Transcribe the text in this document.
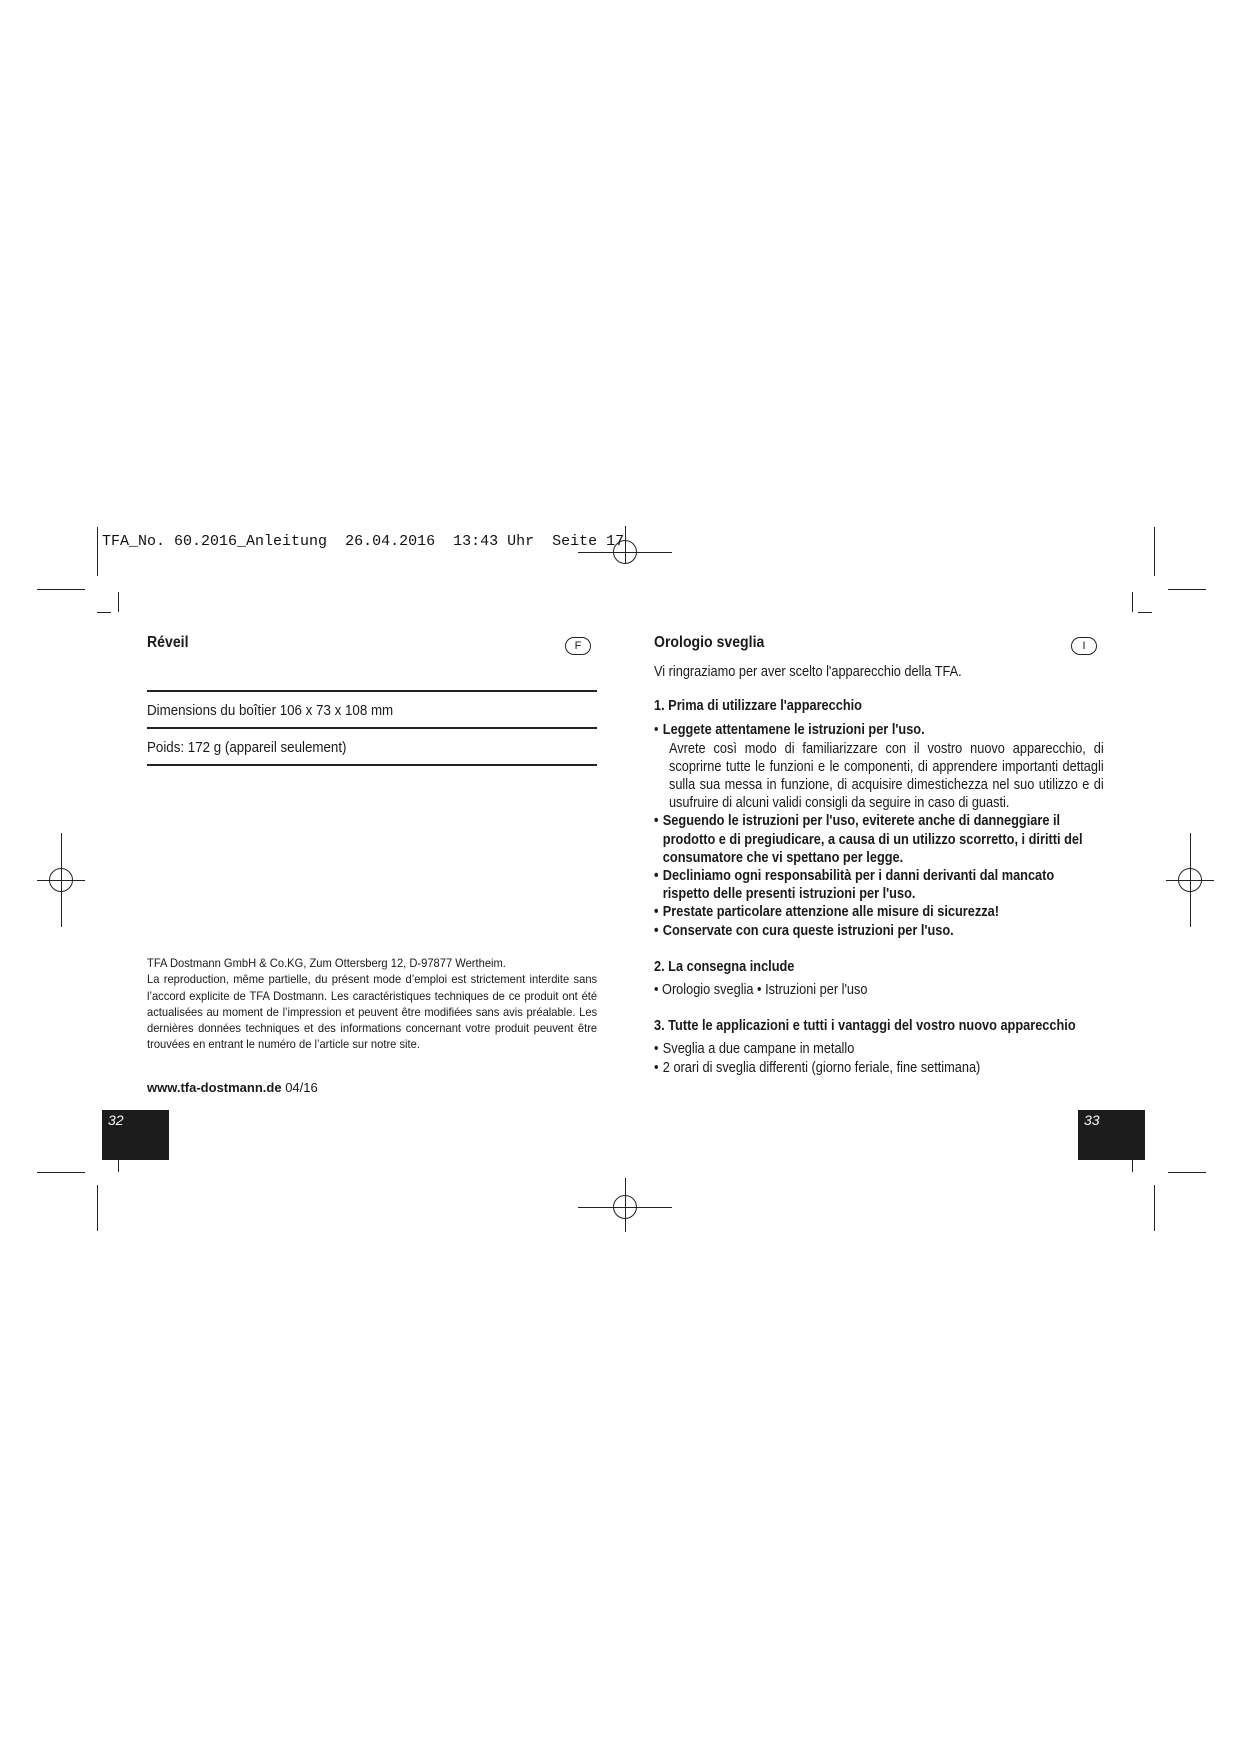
TFA_No. 60.2016_Anleitung 26.04.2016 13:43 Uhr Seite 17
Réveil	F
Dimensions du boîtier 106 x 73 x 108 mm
Poids: 172 g (appareil seulement)
TFA Dostmann GmbH & Co.KG, Zum Ottersberg 12, D-97877 Wertheim.
La reproduction, même partielle, du présent mode d’emploi est strictement interdite sans l’accord explicite de TFA Dostmann. Les caractéristiques techniques de ce produit ont été actualisées au moment de l’impression et peuvent être modifiées sans avis préalable. Les dernières données techniques et des informations concernant votre produit peuvent être trouvées en entrant le numéro de l’article sur notre site.
www.tfa-dostmann.de 04/16
32
Orologio sveglia	I
Vi ringraziamo per aver scelto l'apparecchio della TFA.
1. Prima di utilizzare l'apparecchio
• Leggete attentamene le istruzioni per l'uso.
Avrete così modo di familiarizzare con il vostro nuovo apparecchio, di scoprirne tutte le funzioni e le componenti, di apprendere importanti dettagli sulla sua messa in funzione, di acquisire dimestichezza nel suo utilizzo e di usufruire di alcuni validi consigli da seguire in caso di guasti.
• Seguendo le istruzioni per l'uso, eviterete anche di danneggiare il prodotto e di pregiudicare, a causa di un utilizzo scorretto, i diritti del consumatore che vi spettano per legge.
• Decliniamo ogni responsabilità per i danni derivanti dal mancato rispetto delle presenti istruzioni per l'uso.
• Prestate particolare attenzione alle misure di sicurezza!
• Conservate con cura queste istruzioni per l'uso.
2. La consegna include
• Orologio sveglia • Istruzioni per l'uso
3. Tutte le applicazioni e tutti i vantaggi del vostro nuovo apparecchio
• Sveglia a due campane in metallo
• 2 orari di sveglia differenti (giorno feriale, fine settimana)
33
